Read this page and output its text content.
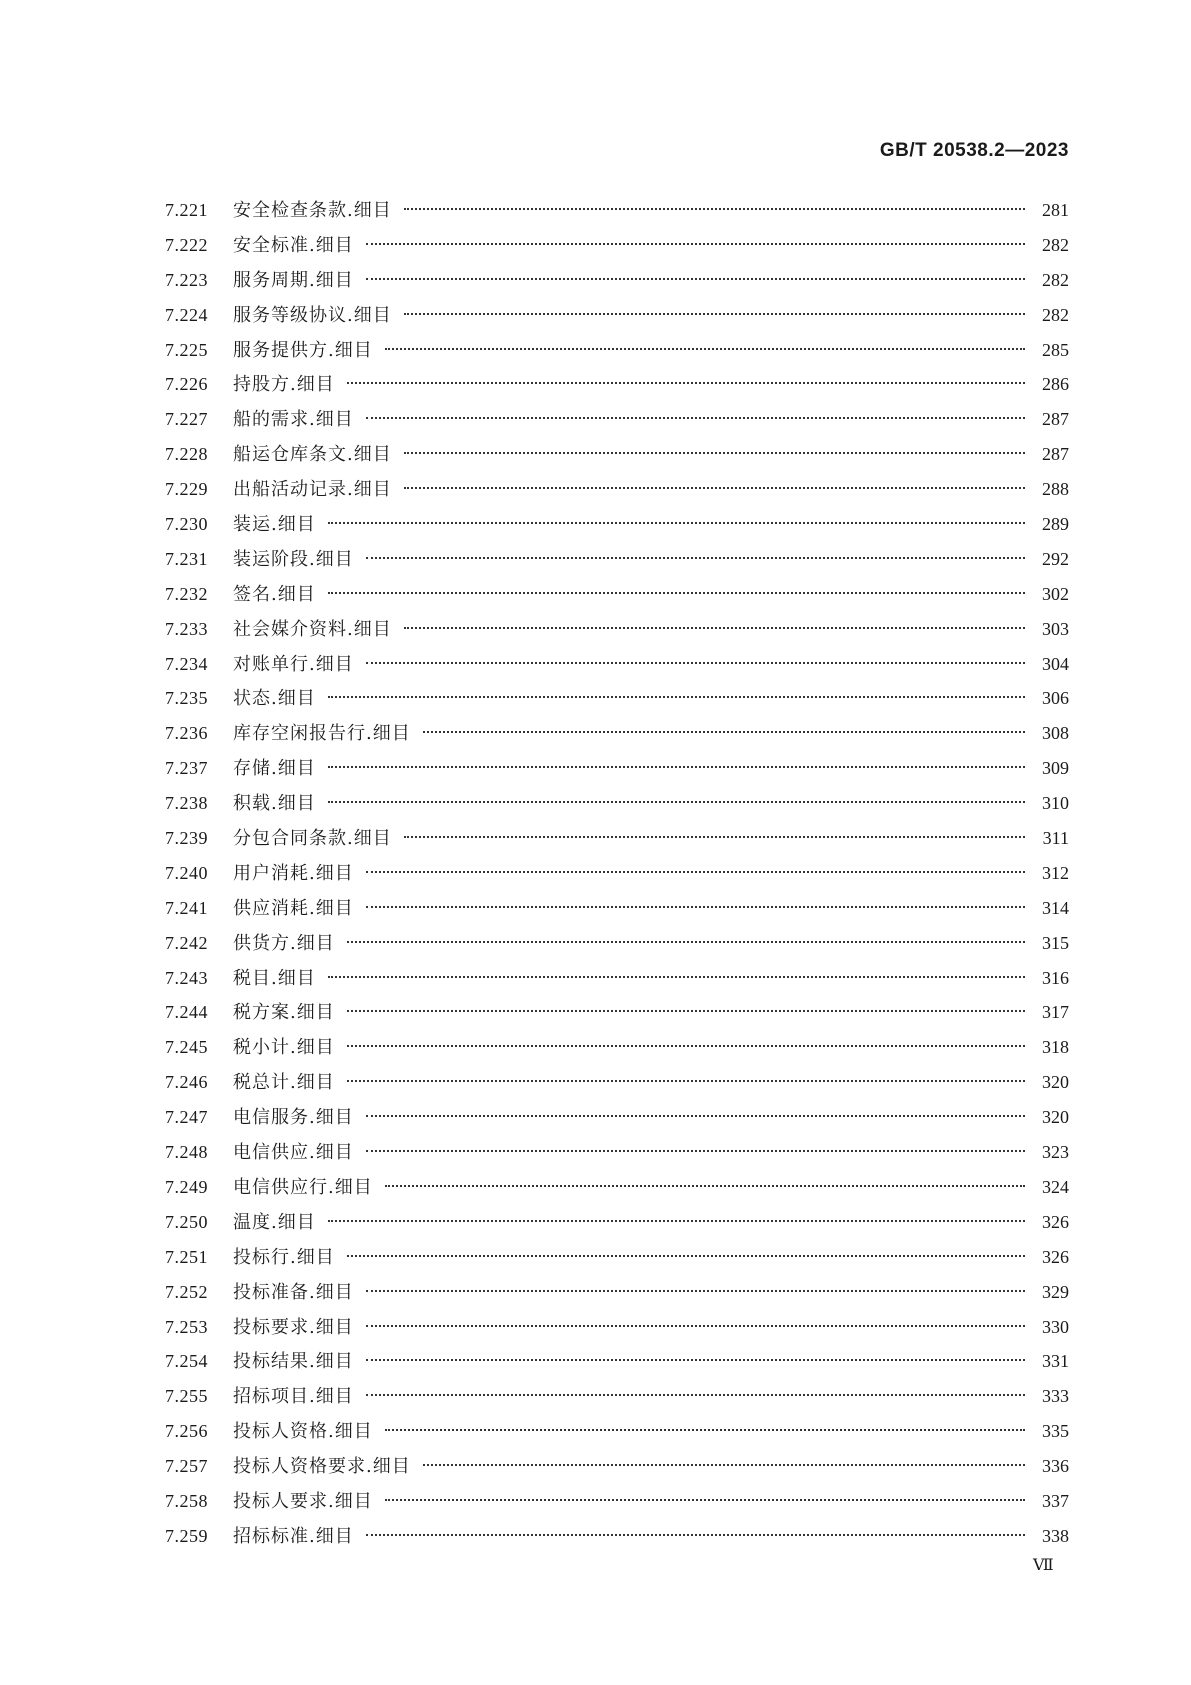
GB/T 20538.2—2023
7.221	安全检查条款.细目	281
7.222	安全标准.细目	282
7.223	服务周期.细目	282
7.224	服务等级协议.细目	282
7.225	服务提供方.细目	285
7.226	持股方.细目	286
7.227	船的需求.细目	287
7.228	船运仓库条文.细目	287
7.229	出船活动记录.细目	288
7.230	装运.细目	289
7.231	装运阶段.细目	292
7.232	签名.细目	302
7.233	社会媒介资料.细目	303
7.234	对账单行.细目	304
7.235	状态.细目	306
7.236	库存空闲报告行.细目	308
7.237	存储.细目	309
7.238	积载.细目	310
7.239	分包合同条款.细目	311
7.240	用户消耗.细目	312
7.241	供应消耗.细目	314
7.242	供货方.细目	315
7.243	税目.细目	316
7.244	税方案.细目	317
7.245	税小计.细目	318
7.246	税总计.细目	320
7.247	电信服务.细目	320
7.248	电信供应.细目	323
7.249	电信供应行.细目	324
7.250	温度.细目	326
7.251	投标行.细目	326
7.252	投标准备.细目	329
7.253	投标要求.细目	330
7.254	投标结果.细目	331
7.255	招标项目.细目	333
7.256	投标人资格.细目	335
7.257	投标人资格要求.细目	336
7.258	投标人要求.细目	337
7.259	招标标准.细目	338
Ⅶ
